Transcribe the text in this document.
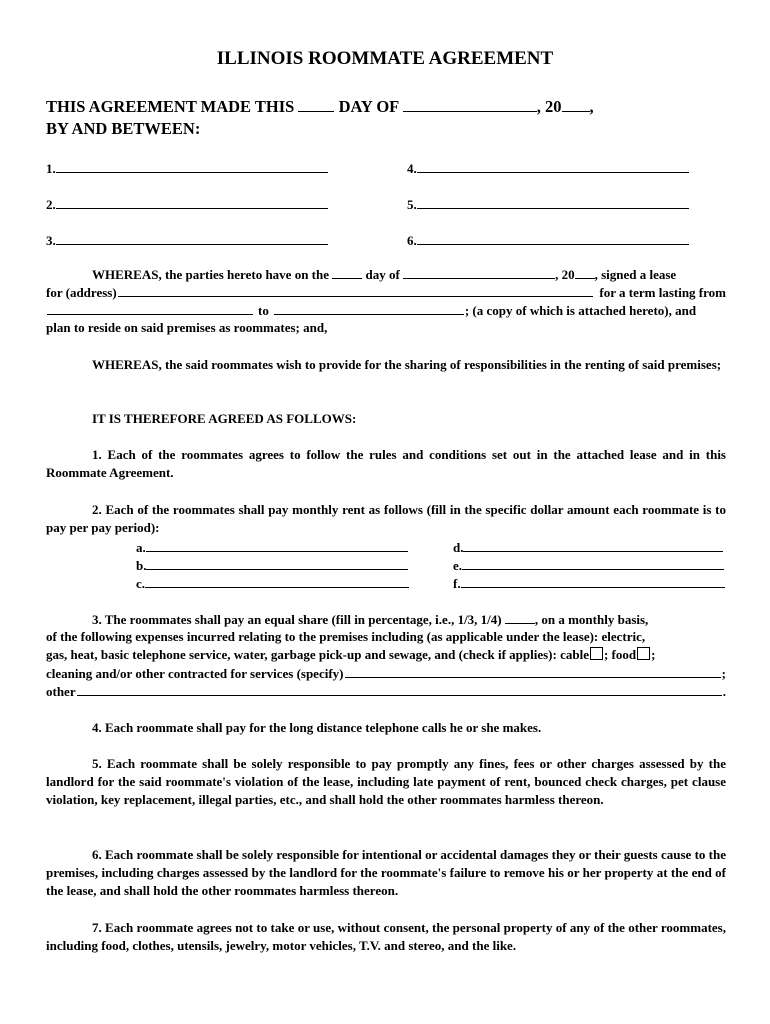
ILLINOIS ROOMMATE AGREEMENT
THIS AGREEMENT MADE THIS	DAY OF	, 20 ,
BY AND BETWEEN:
1.
2.
3.
4.
5.
6.
WHEREAS, the parties hereto have on the	day of	, 20 , signed a lease
for (address)	for a term lasting from
to	; (a copy of which is attached hereto), and
plan to reside on said premises as roommates; and,

WHEREAS, the said roommates wish to provide for the sharing of responsibilities in the renting of said premises;

IT IS THEREFORE AGREED AS FOLLOWS:

1. Each of the roommates agrees to follow the rules and conditions set out in the attached lease and in this Roommate Agreement.

2. Each of the roommates shall pay monthly rent as follows (fill in the specific dollar amount each roommate is to pay per pay period):

a.
b.
c.
d.
e.
f.
3. The roommates shall pay an equal share (fill in percentage, i.e., 1/3, 1/4)	, on a monthly basis,
of the following expenses incurred relating to the premises including (as applicable under the lease): electric,
gas, heat, basic telephone service, water, garbage pick-up and sewage, and (check if applies): cable ; food ;
cleaning and/or other contracted for services (specify)	;
other	.

4. Each roommate shall pay for the long distance telephone calls he or she makes.

5. Each roommate shall be solely responsible to pay promptly any fines, fees or other charges assessed by the landlord for the said roommate's violation of the lease, including late payment of rent, bounced check charges, pet clause violation, key replacement, illegal parties, etc., and shall hold the other roommates harmless thereon.

6. Each roommate shall be solely responsible for intentional or accidental damages they or their guests cause to the premises, including charges assessed by the landlord for the roommate's failure to remove his or her property at the end of the lease, and shall hold the other roommates harmless thereon.

7. Each roommate agrees not to take or use, without consent, the personal property of any of the other roommates, including food, clothes, utensils, jewelry, motor vehicles, T.V. and stereo, and the like.
